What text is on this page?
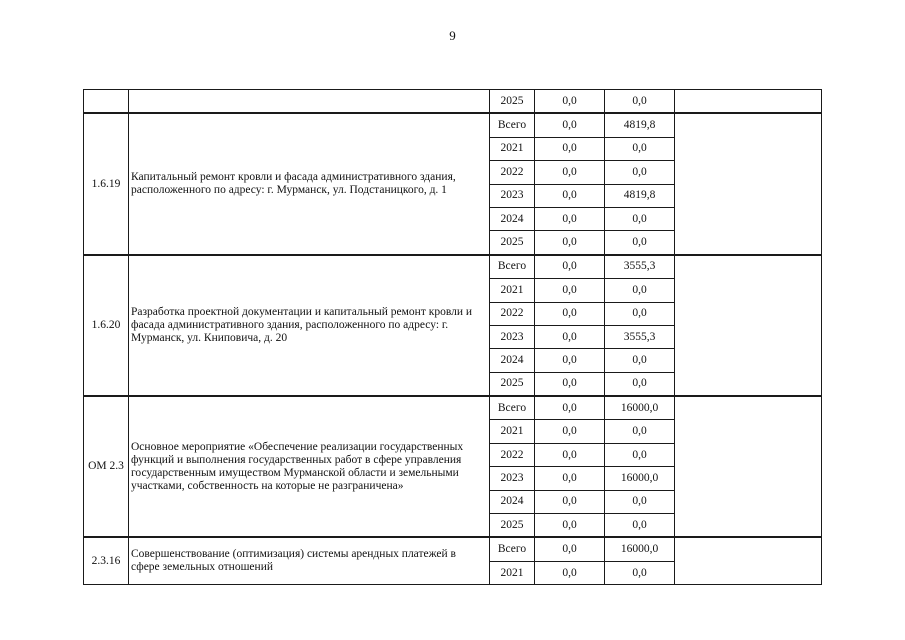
9
		2025	0,0	0,0	
1.6.19	Капитальный ремонт кровли и фасада административного здания, расположенного по адресу: г. Мурманск, ул. Подстаницкого, д. 1	Всего	0,0	4819,8	
		2021	0,0	0,0	
		2022	0,0	0,0	
		2023	0,0	4819,8	
		2024	0,0	0,0	
		2025	0,0	0,0	
1.6.20	Разработка проектной документации и капитальный ремонт кровли и фасада административного здания, расположенного по адресу: г. Мурманск, ул. Книповича, д. 20	Всего	0,0	3555,3	
		2021	0,0	0,0	
		2022	0,0	0,0	
		2023	0,0	3555,3	
		2024	0,0	0,0	
		2025	0,0	0,0	
ОМ 2.3	Основное мероприятие «Обеспечение реализации государственных функций и выполнения государственных работ в сфере управления государственным имуществом Мурманской области и земельными участками, собственность на которые не разграничена»	Всего	0,0	16000,0	
		2021	0,0	0,0	
		2022	0,0	0,0	
		2023	0,0	16000,0	
		2024	0,0	0,0	
		2025	0,0	0,0	
2.3.16	Совершенствование (оптимизация) системы арендных платежей в сфере земельных отношений	Всего	0,0	16000,0	
		2021	0,0	0,0	
